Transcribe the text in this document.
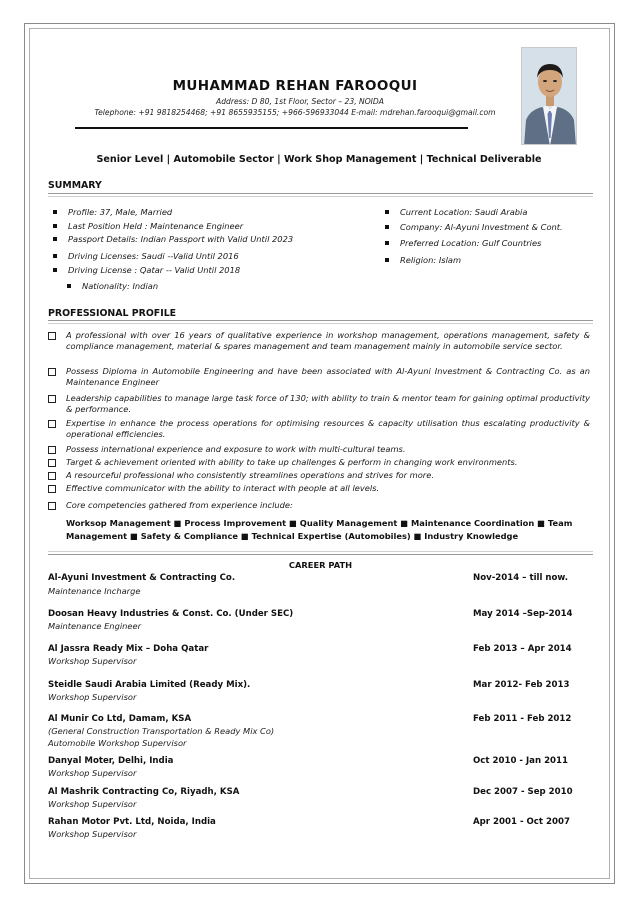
MUHAMMAD REHAN FAROOQUI
Address: D 80, 1st Floor, Sector – 23, NOIDA
Telephone: +91 9818254468; +91 8655935155; +966-596933044 E-mail: mdrehan.farooqui@gmail.com
Senior Level | Automobile Sector | Work Shop Management | Technical Deliverable
SUMMARY
Profile: 37, Male, Married
Last Position Held : Maintenance Engineer
Passport Details: Indian Passport with Valid Until 2023
Driving Licenses: Saudi --Valid Until 2016
Driving License : Qatar -- Valid Until 2018
Nationality: Indian
Current Location: Saudi Arabia
Company: Al-Ayuni Investment & Cont.
Preferred Location: Gulf Countries
Religion: Islam
PROFESSIONAL PROFILE
A professional with over 16 years of qualitative experience in workshop management, operations management, safety & compliance management, material & spares management and team management mainly in automobile service sector.
Possess Diploma in Automobile Engineering and have been associated with Al-Ayuni Investment & Contracting Co. as an Maintenance Engineer
Leadership capabilities to manage large task force of 130; with ability to train & mentor team for gaining optimal productivity & performance.
Expertise in enhance the process operations for optimising resources & capacity utilisation thus escalating productivity & operational efficiencies.
Possess international experience and exposure to work with multi-cultural teams.
Target & achievement oriented with ability to take up challenges & perform in changing work environments.
A resourceful professional who consistently streamlines operations and strives for more.
Effective communicator with the ability to interact with people at all levels.
Core competencies gathered from experience include:
Worksop Management ■ Process Improvement ■ Quality Management ■ Maintenance Coordination ■ Team Management ■ Safety & Compliance ■ Technical Expertise (Automobiles) ■ Industry Knowledge
CAREER PATH
Al-Ayuni Investment & Contracting Co.	Nov-2014 – till now.
Maintenance Incharge
Doosan Heavy Industries & Const. Co. (Under SEC)	May 2014 –Sep-2014
Maintenance Engineer
Al Jassra Ready Mix – Doha Qatar	Feb 2013 – Apr 2014
Workshop Supervisor
Steidle Saudi Arabia Limited (Ready Mix).	Mar 2012- Feb 2013
Workshop Supervisor
Al Munir Co Ltd, Damam, KSA	Feb 2011 - Feb 2012
(General Construction Transportation & Ready Mix Co)
Automobile Workshop Supervisor
Danyal Moter, Delhi, India	Oct 2010 - Jan 2011
Workshop Supervisor
Al Mashrik Contracting Co, Riyadh, KSA	Dec 2007 - Sep 2010
Workshop Supervisor
Rahan Motor Pvt. Ltd, Noida, India	Apr 2001 - Oct 2007
Workshop Supervisor
